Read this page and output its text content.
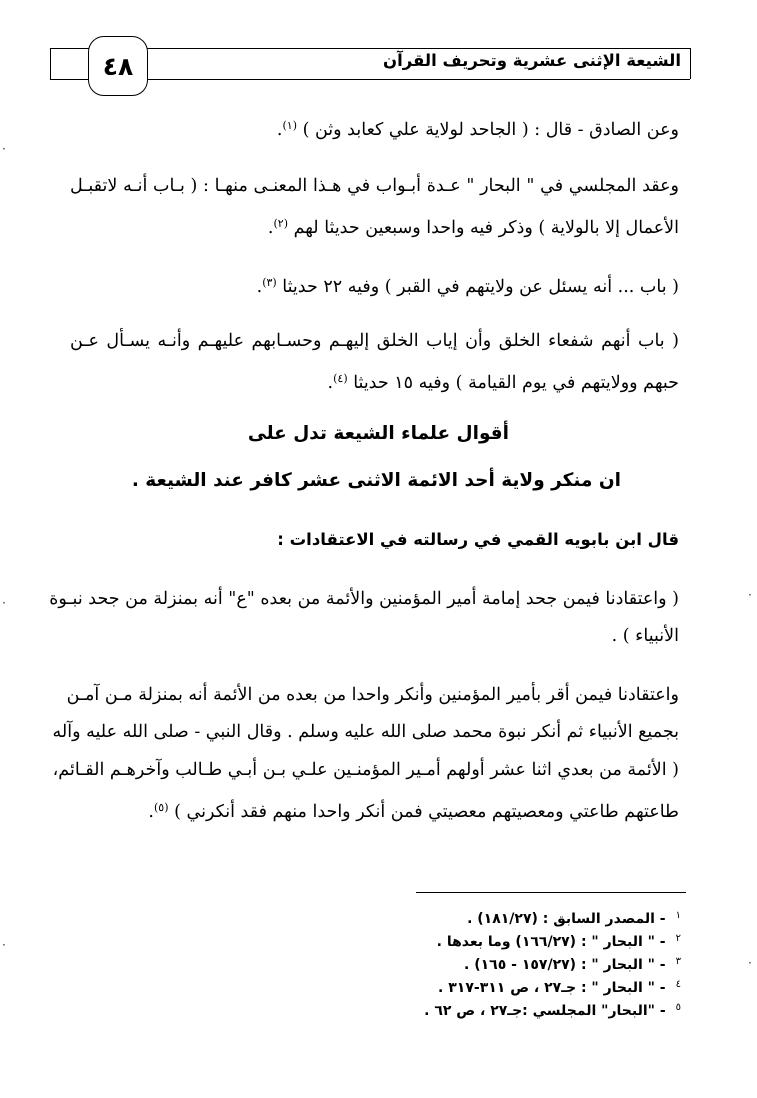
٤٨	الشيعة الإثنى عشرية وتحريف القرآن
وعن الصادق - قال : ( الجاحد لولاية علي كعابد وثن ) $^{(١)}$.
وعقد المجلسي في " البحار " عـدة أبـواب في هـذا المعنـى منهـا : ( بـاب أنـه لاتقبـل
الأعمال إلا بالولاية ) وذكر فيه واحدا وسبعين حديثا لهم $^{(٢)}$.
( باب ... أنه يسئل عن ولايتهم في القبر ) وفيه ٢٢ حديثا $^{(٣)}$.
( باب أنهم شفعاء الخلق وأن إياب الخلق إليهـم وحسـابهم عليهـم وأنـه يسـأل عـن
حبهم وولايتهم في يوم القيامة ) وفيه ١٥ حديثا $^{(٤)}$.
أقوال علماء الشيعة تدل على
ان منكر ولاية أحد الائمة الاثنى عشر كافر عند الشيعة .
قال ابن بابويه القمي في رسالته في الاعتقادات :
( واعتقادنا فيمن جحد إمامة أمير المؤمنين والأئمة من بعده "ع" أنه بمنزلة من جحد نبـوة
الأنبياء ) .
واعتقادنا فيمن أقر بأمير المؤمنين وأنكر واحدا من بعده من الأئمة أنه بمنزلة مـن آمـن
بجميع الأنبياء ثم أنكر نبوة محمد صلى الله عليه وسلم . وقال النبي - صلى الله عليه وآله
( الأئمة من بعدي اثنا عشر أولهم أمـير المؤمنـين علـي بـن أبـي طـالب وآخرهـم القـائم،
طاعتهم طاعتي ومعصيتهم معصيتي فمن أنكر واحدا منهم فقد أنكرني ) $^{(٥)}$.
$^١$- المصدر السابق : (١٨١/٢٧) .
$^٢$- " البحار " : (١٦٦/٢٧) وما بعدها .
$^٣$- " البحار " : (١٥٧/٢٧ - ١٦٥) .
$^٤$- " البحار " : جـ٢٧ ، ص ٣١١-٣١٧ .
$^٥$- "البحار" المجلسي :جـ٢٧ ، ص ٦٢ .
·
·
·
·
·
